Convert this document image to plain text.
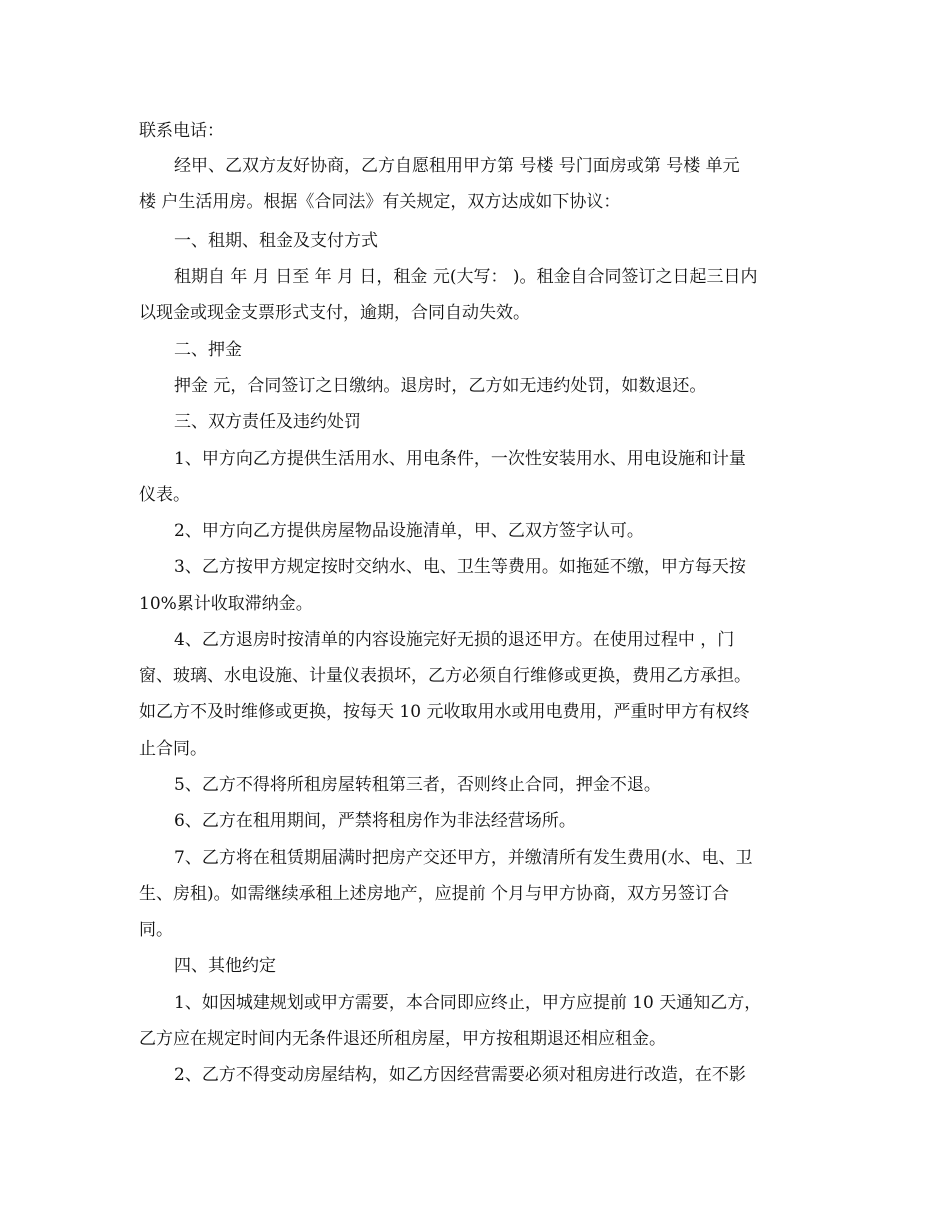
联系电话：
经甲、乙双方友好协商，乙方自愿租用甲方第 号楼 号门面房或第 号楼 单元
楼 户生活用房。根据《合同法》有关规定，双方达成如下协议：
一、租期、租金及支付方式
租期自 年 月 日至 年 月 日，租金 元(大写： )。租金自合同签订之日起三日内
以现金或现金支票形式支付，逾期，合同自动失效。
二、押金
押金 元，合同签订之日缴纳。退房时，乙方如无违约处罚，如数退还。
三、双方责任及违约处罚
1、甲方向乙方提供生活用水、用电条件，一次性安装用水、用电设施和计量
仪表。
2、甲方向乙方提供房屋物品设施清单，甲、乙双方签字认可。
3、乙方按甲方规定按时交纳水、电、卫生等费用。如拖延不缴，甲方每天按
10%累计收取滞纳金。
4、乙方退房时按清单的内容设施完好无损的退还甲方。在使用过程中 ，门
窗、玻璃、水电设施、计量仪表损坏，乙方必须自行维修或更换，费用乙方承担。
如乙方不及时维修或更换，按每天 10 元收取用水或用电费用，严重时甲方有权终
止合同。
5、乙方不得将所租房屋转租第三者，否则终止合同，押金不退。
6、乙方在租用期间，严禁将租房作为非法经营场所。
7、乙方将在租赁期届满时把房产交还甲方，并缴清所有发生费用(水、电、卫
生、房租)。如需继续承租上述房地产，应提前 个月与甲方协商，双方另签订合
同。
四、其他约定
1、如因城建规划或甲方需要，本合同即应终止，甲方应提前 10 天通知乙方，
乙方应在规定时间内无条件退还所租房屋，甲方按租期退还相应租金。
2、乙方不得变动房屋结构，如乙方因经营需要必须对租房进行改造，在不影
